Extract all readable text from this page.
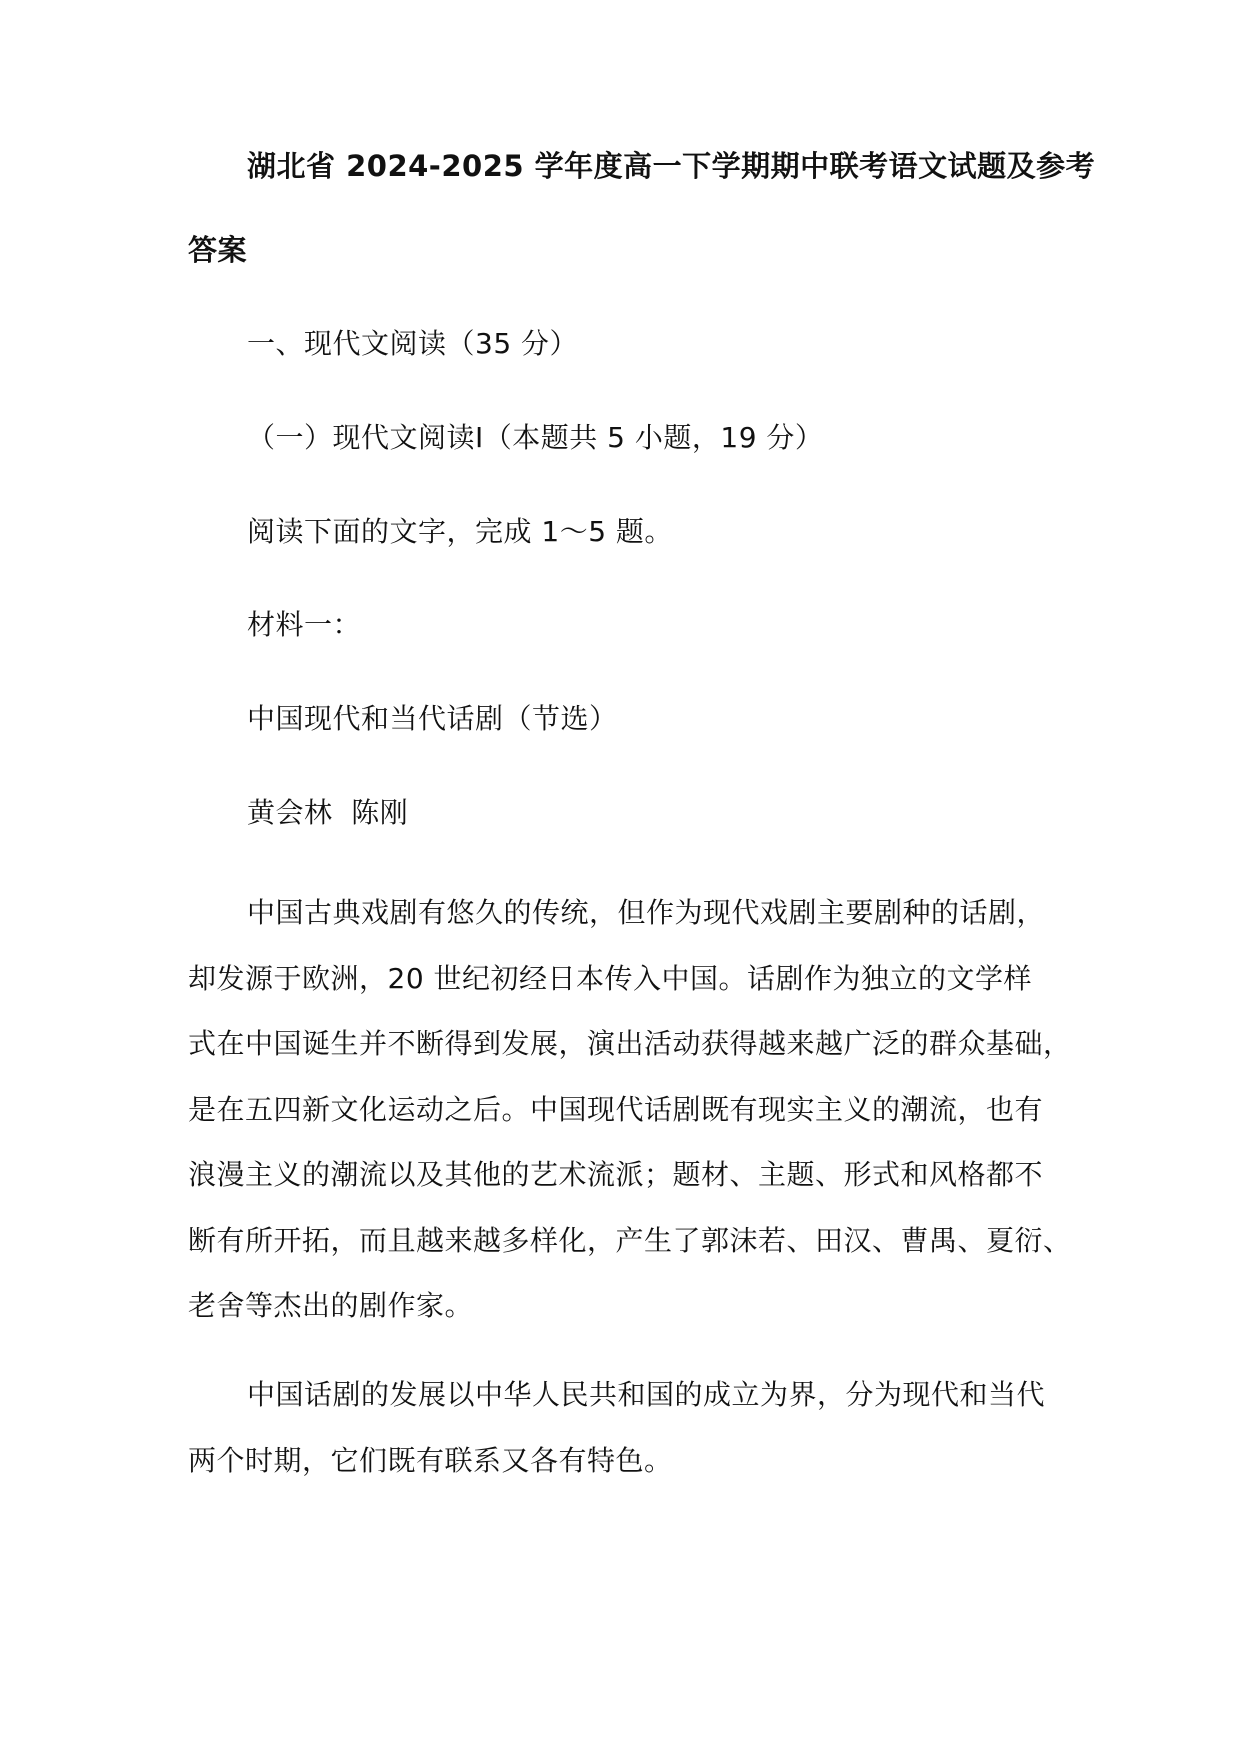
湖北省 2024-2025 学年度高一下学期期中联考语文试题及参考
答案
一、现代文阅读（35 分）
（一）现代文阅读Ⅰ（本题共 5 小题，19 分）
阅读下面的文字，完成 1～5 题。
材料一：
中国现代和当代话剧（节选）
黄会林  陈刚
中国古典戏剧有悠久的传统，但作为现代戏剧主要剧种的话剧，
却发源于欧洲，20 世纪初经日本传入中国。话剧作为独立的文学样
式在中国诞生并不断得到发展，演出活动获得越来越广泛的群众基础，
是在五四新文化运动之后。中国现代话剧既有现实主义的潮流，也有
浪漫主义的潮流以及其他的艺术流派；题材、主题、形式和风格都不
断有所开拓，而且越来越多样化，产生了郭沫若、田汉、曹禺、夏衍、
老舍等杰出的剧作家。
中国话剧的发展以中华人民共和国的成立为界，分为现代和当代
两个时期，它们既有联系又各有特色。
